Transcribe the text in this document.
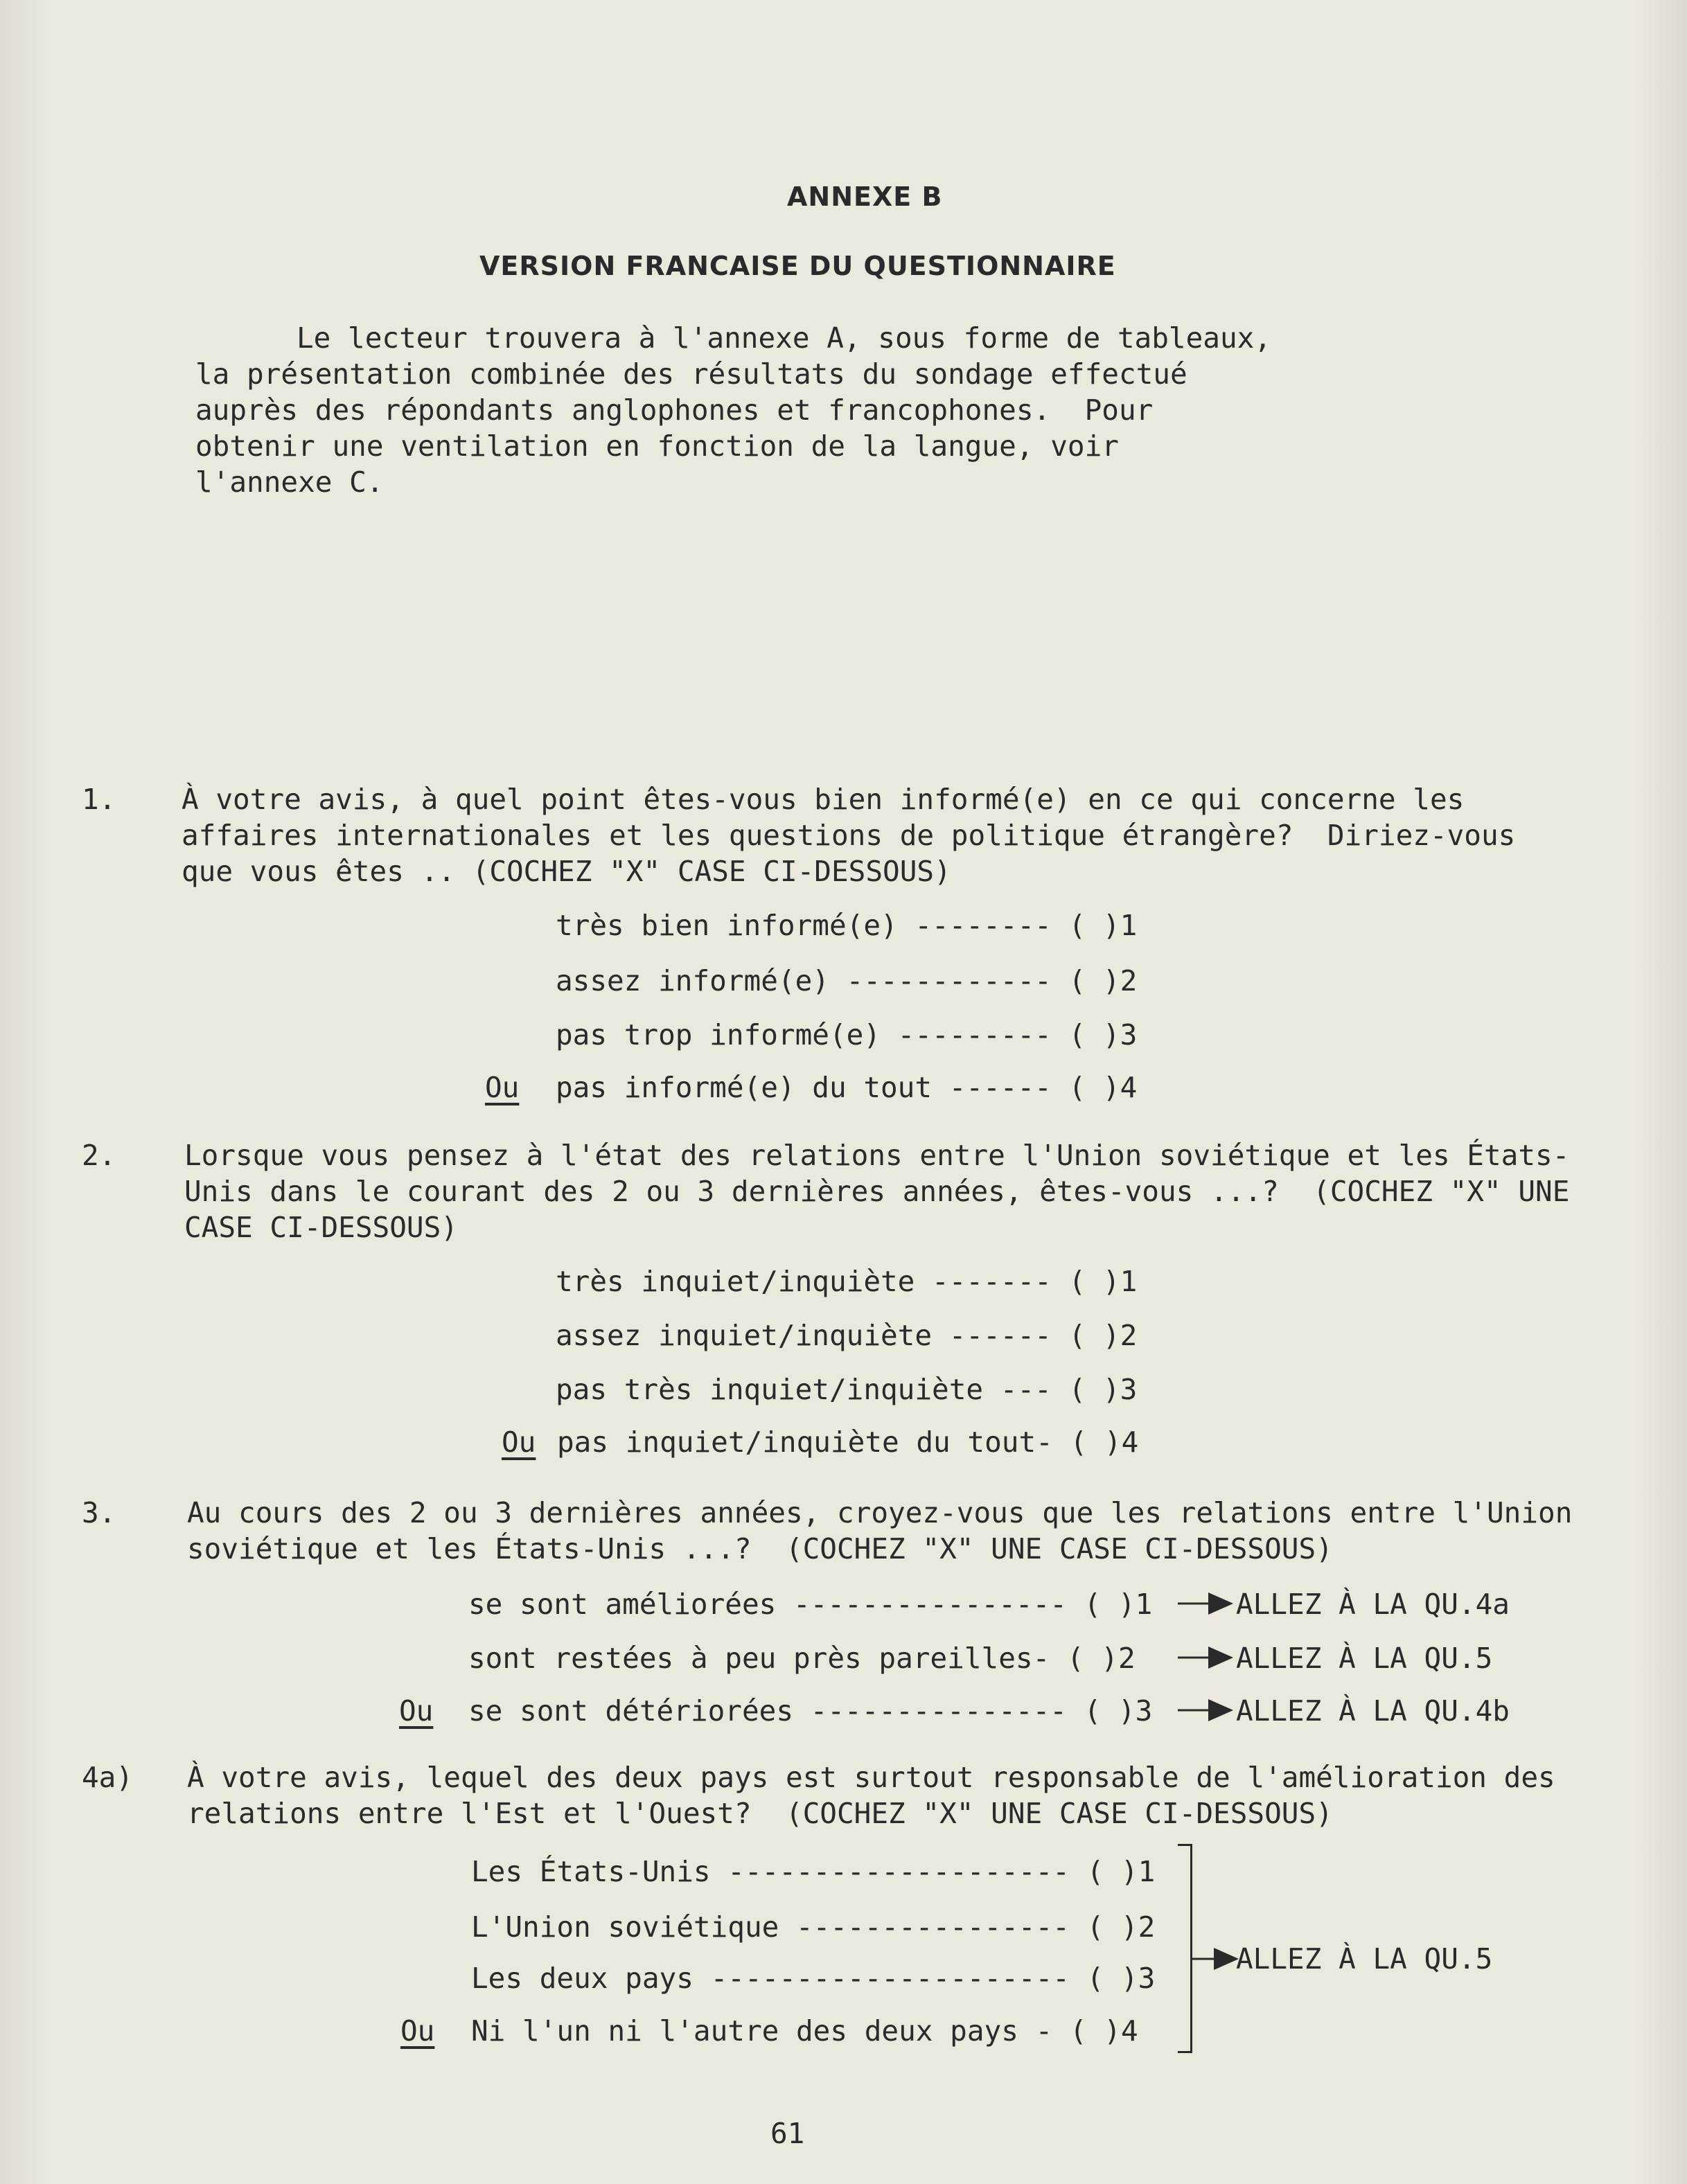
ANNEXE B
VERSION FRANCAISE DU QUESTIONNAIRE
Le lecteur trouvera à l'annexe A, sous forme de tableaux,
la présentation combinée des résultats du sondage effectué
auprès des répondants anglophones et francophones.  Pour
obtenir une ventilation en fonction de la langue, voir
l'annexe C.
1. À votre avis, à quel point êtes-vous bien informé(e) en ce qui concerne les
affaires internationales et les questions de politique étrangère?  Diriez-vous
que vous êtes .. (COCHEZ "X" CASE CI-DESSOUS)
très bien informé(e) -------- ( )1
assez informé(e) ------------ ( )2
pas trop informé(e) --------- ( )3
Ou pas informé(e) du tout ------ ( )4
2. Lorsque vous pensez à l'état des relations entre l'Union soviétique et les États-
Unis dans le courant des 2 ou 3 dernières années, êtes-vous ...?  (COCHEZ "X" UNE
CASE CI-DESSOUS)
très inquiet/inquiète ------- ( )1
assez inquiet/inquiète ------ ( )2
pas très inquiet/inquiète --- ( )3
Ou pas inquiet/inquiète du tout- ( )4
3.	Au cours des 2 ou 3 dernières années, croyez-vous que les relations entre l'Union
soviétique et les États-Unis ...?  (COCHEZ "X" UNE CASE CI-DESSOUS)
se sont améliorées ---------------- ( )1
sont restées à peu près pareilles- ( )2
Ou se sont détériorées --------------- ( )3
ALLEZ À LA QU.4a
ALLEZ À LA QU.5
ALLEZ À LA QU.4b
4a) À votre avis, lequel des deux pays est surtout responsable de l'amélioration des
relations entre l'Est et l'Ouest?  (COCHEZ "X" UNE CASE CI-DESSOUS)
Les États-Unis -------------------- ( )1
L'Union soviétique ---------------- ( )2
Les deux pays --------------------- ( )3
Ou Ni l'un ni l'autre des deux pays - ( )4
ALLEZ À LA QU.5
61
